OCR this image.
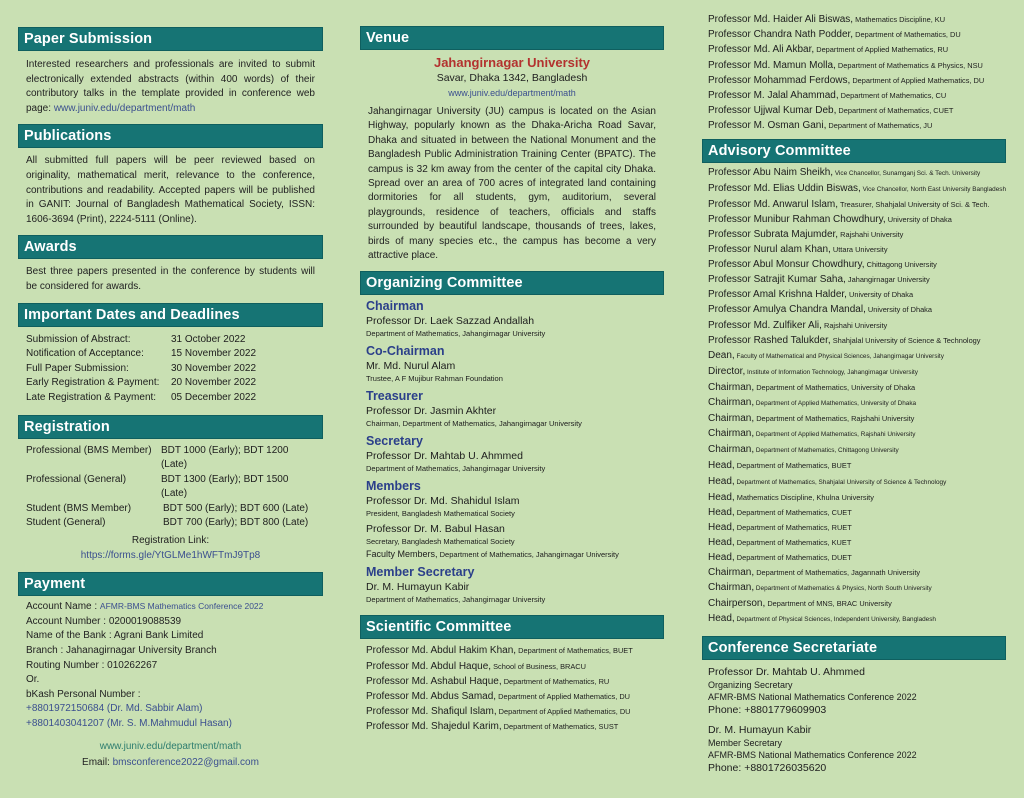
Paper Submission
Interested researchers and professionals are invited to submit electronically extended abstracts (within 400 words) of their contributory talks in the template provided in conference web page: www.juniv.edu/department/math
Publications
All submitted full papers will be peer reviewed based on originality, mathematical merit, relevance to the conference, contributions and readability. Accepted papers will be published in GANIT: Journal of Bangladesh Mathematical Society, ISSN: 1606-3694 (Print), 2224-5111 (Online).
Awards
Best three papers presented in the conference by students will be considered for awards.
Important Dates and Deadlines
Submission of Abstract:	31 October 2022
Notification of Acceptance:	15 November 2022
Full Paper Submission:	30 November 2022
Early Registration & Payment:	20 November 2022
Late Registration & Payment:	05 December 2022
Registration
Professional (BMS Member) BDT 1000 (Early); BDT 1200 (Late)
Professional (General)	BDT 1300 (Early); BDT 1500 (Late)
Student (BMS Member)	BDT 500 (Early); BDT 600 (Late)
Student (General)	BDT 700 (Early); BDT 800 (Late)
Registration Link:
https://forms.gle/YtGLMe1hWFTmJ9Tp8
Payment
Account Name : AFMR-BMS Mathematics Conference 2022
Account Number : 0200019088539
Name of the Bank : Agrani Bank Limited
Branch : Jahanagirnagar University Branch
Routing Number : 010262267
Or.
bKash Personal Number :
+8801972150684 (Dr. Md. Sabbir Alam)
+8801403041207 (Mr. S. M.Mahmudul Hasan)
www.juniv.edu/department/math
Email: bmsconference2022@gmail.com
Venue
Jahangirnagar University
Savar, Dhaka 1342, Bangladesh
www.juniv.edu/department/math
Jahangirnagar University (JU) campus is located on the Asian Highway, popularly known as the Dhaka-Aricha Road Savar, Dhaka and situated in between the National Monument and the Bangladesh Public Administration Training Center (BPATC). The campus is 32 km away from the center of the capital city Dhaka. Spread over an area of 700 acres of integrated land containing dormitories for all students, gym, auditorium, several playgrounds, residence of teachers, officials and staffs surrounded by beautiful landscape, thousands of trees, lakes, birds of many species etc., the campus has become a very attractive place.
Organizing Committee
Chairman
Professor Dr. Laek Sazzad Andallah
Department of Mathematics, Jahangirnagar University
Co-Chairman
Mr. Md. Nurul Alam
Trustee, A F Mujibur Rahman Foundation
Treasurer
Professor Dr. Jasmin Akhter
Chairman, Department of Mathematics, Jahangirnagar University
Secretary
Professor Dr. Mahtab U. Ahmmed
Department of Mathematics, Jahangirnagar University
Members
Professor Dr. Md. Shahidul Islam
President, Bangladesh Mathematical Society
Professor Dr. M. Babul Hasan
Secretary, Bangladesh Mathematical Society
Faculty Members, Department of Mathematics, Jahangirnagar University
Member Secretary
Dr. M. Humayun Kabir
Department of Mathematics, Jahangirnagar University
Scientific Committee
Professor Md. Abdul Hakim Khan, Department of Mathematics, BUET
Professor Md. Abdul Haque, School of Business, BRACU
Professor Md. Ashabul Haque, Department of Mathematics, RU
Professor Md. Abdus Samad, Department of Applied Mathematics, DU
Professor Md. Shafiqul Islam, Department of Applied Mathematics, DU
Professor Md. Shajedul Karim, Department of Mathematics, SUST
Professor Md. Haider Ali Biswas, Mathematics Discipline, KU
Professor Chandra Nath Podder, Department of Mathematics, DU
Professor Md. Ali Akbar, Department of Applied Mathematics, RU
Professor Md. Mamun Molla, Department of Mathematics & Physics, NSU
Professor Mohammad Ferdows, Department of Applied Mathematics, DU
Professor M. Jalal Ahammad, Department of Mathematics, CU
Professor Ujjwal Kumar Deb, Department of Mathematics, CUET
Professor M. Osman Gani, Department of Mathematics, JU
Advisory Committee
Professor Abu Naim Sheikh, Vice Chancellor, Sunamganj Sci. & Tech. University
Professor Md. Elias Uddin Biswas, Vice Chancellor, North East University Bangladesh
Professor Md. Anwarul Islam, Treasurer, Shahjalal University of Sci. & Tech.
Professor Munibur Rahman Chowdhury, University of Dhaka
Professor Subrata Majumder, Rajshahi University
Professor Nurul alam Khan, Uttara University
Professor Abul Monsur Chowdhury, Chittagong University
Professor Satrajit Kumar Saha, Jahangirnagar University
Professor Amal Krishna Halder, University of Dhaka
Professor Amulya Chandra Mandal, University of Dhaka
Professor Md. Zulfiker Ali, Rajshahi University
Professor Rashed Talukder, Shahjalal University of Science & Technology
Dean, Faculty of Mathematical and Physical Sciences, Jahangirnagar University
Director, Institute of Information Technology, Jahangirnagar University
Chairman, Department of Mathematics, University of Dhaka
Chairman, Department of Applied Mathematics, University of Dhaka
Chairman, Department of Mathematics, Rajshahi University
Chairman, Department of Applied Mathematics, Rajshahi University
Chairman, Department of Mathematics, Chittagong University
Head, Department of Mathematics, BUET
Head, Department of Mathematics, Shahjalal University of Science & Technology
Head, Mathematics Discipline, Khulna University
Head, Department of Mathematics, CUET
Head, Department of Mathematics, RUET
Head, Department of Mathematics, KUET
Head, Department of Mathematics, DUET
Chairman, Department of Mathematics, Jagannath University
Chairman, Department of Mathematics & Physics, North South University
Chairperson, Department of MNS, BRAC University
Head, Department of Physical Sciences, Independent University, Bangladesh
Conference Secretariate
Professor Dr. Mahtab U. Ahmmed
Organizing Secretary
AFMR-BMS National Mathematics Conference 2022
Phone: +8801779609903
Dr. M. Humayun Kabir
Member Secretary
AFMR-BMS National Mathematics Conference 2022
Phone: +8801726035620
